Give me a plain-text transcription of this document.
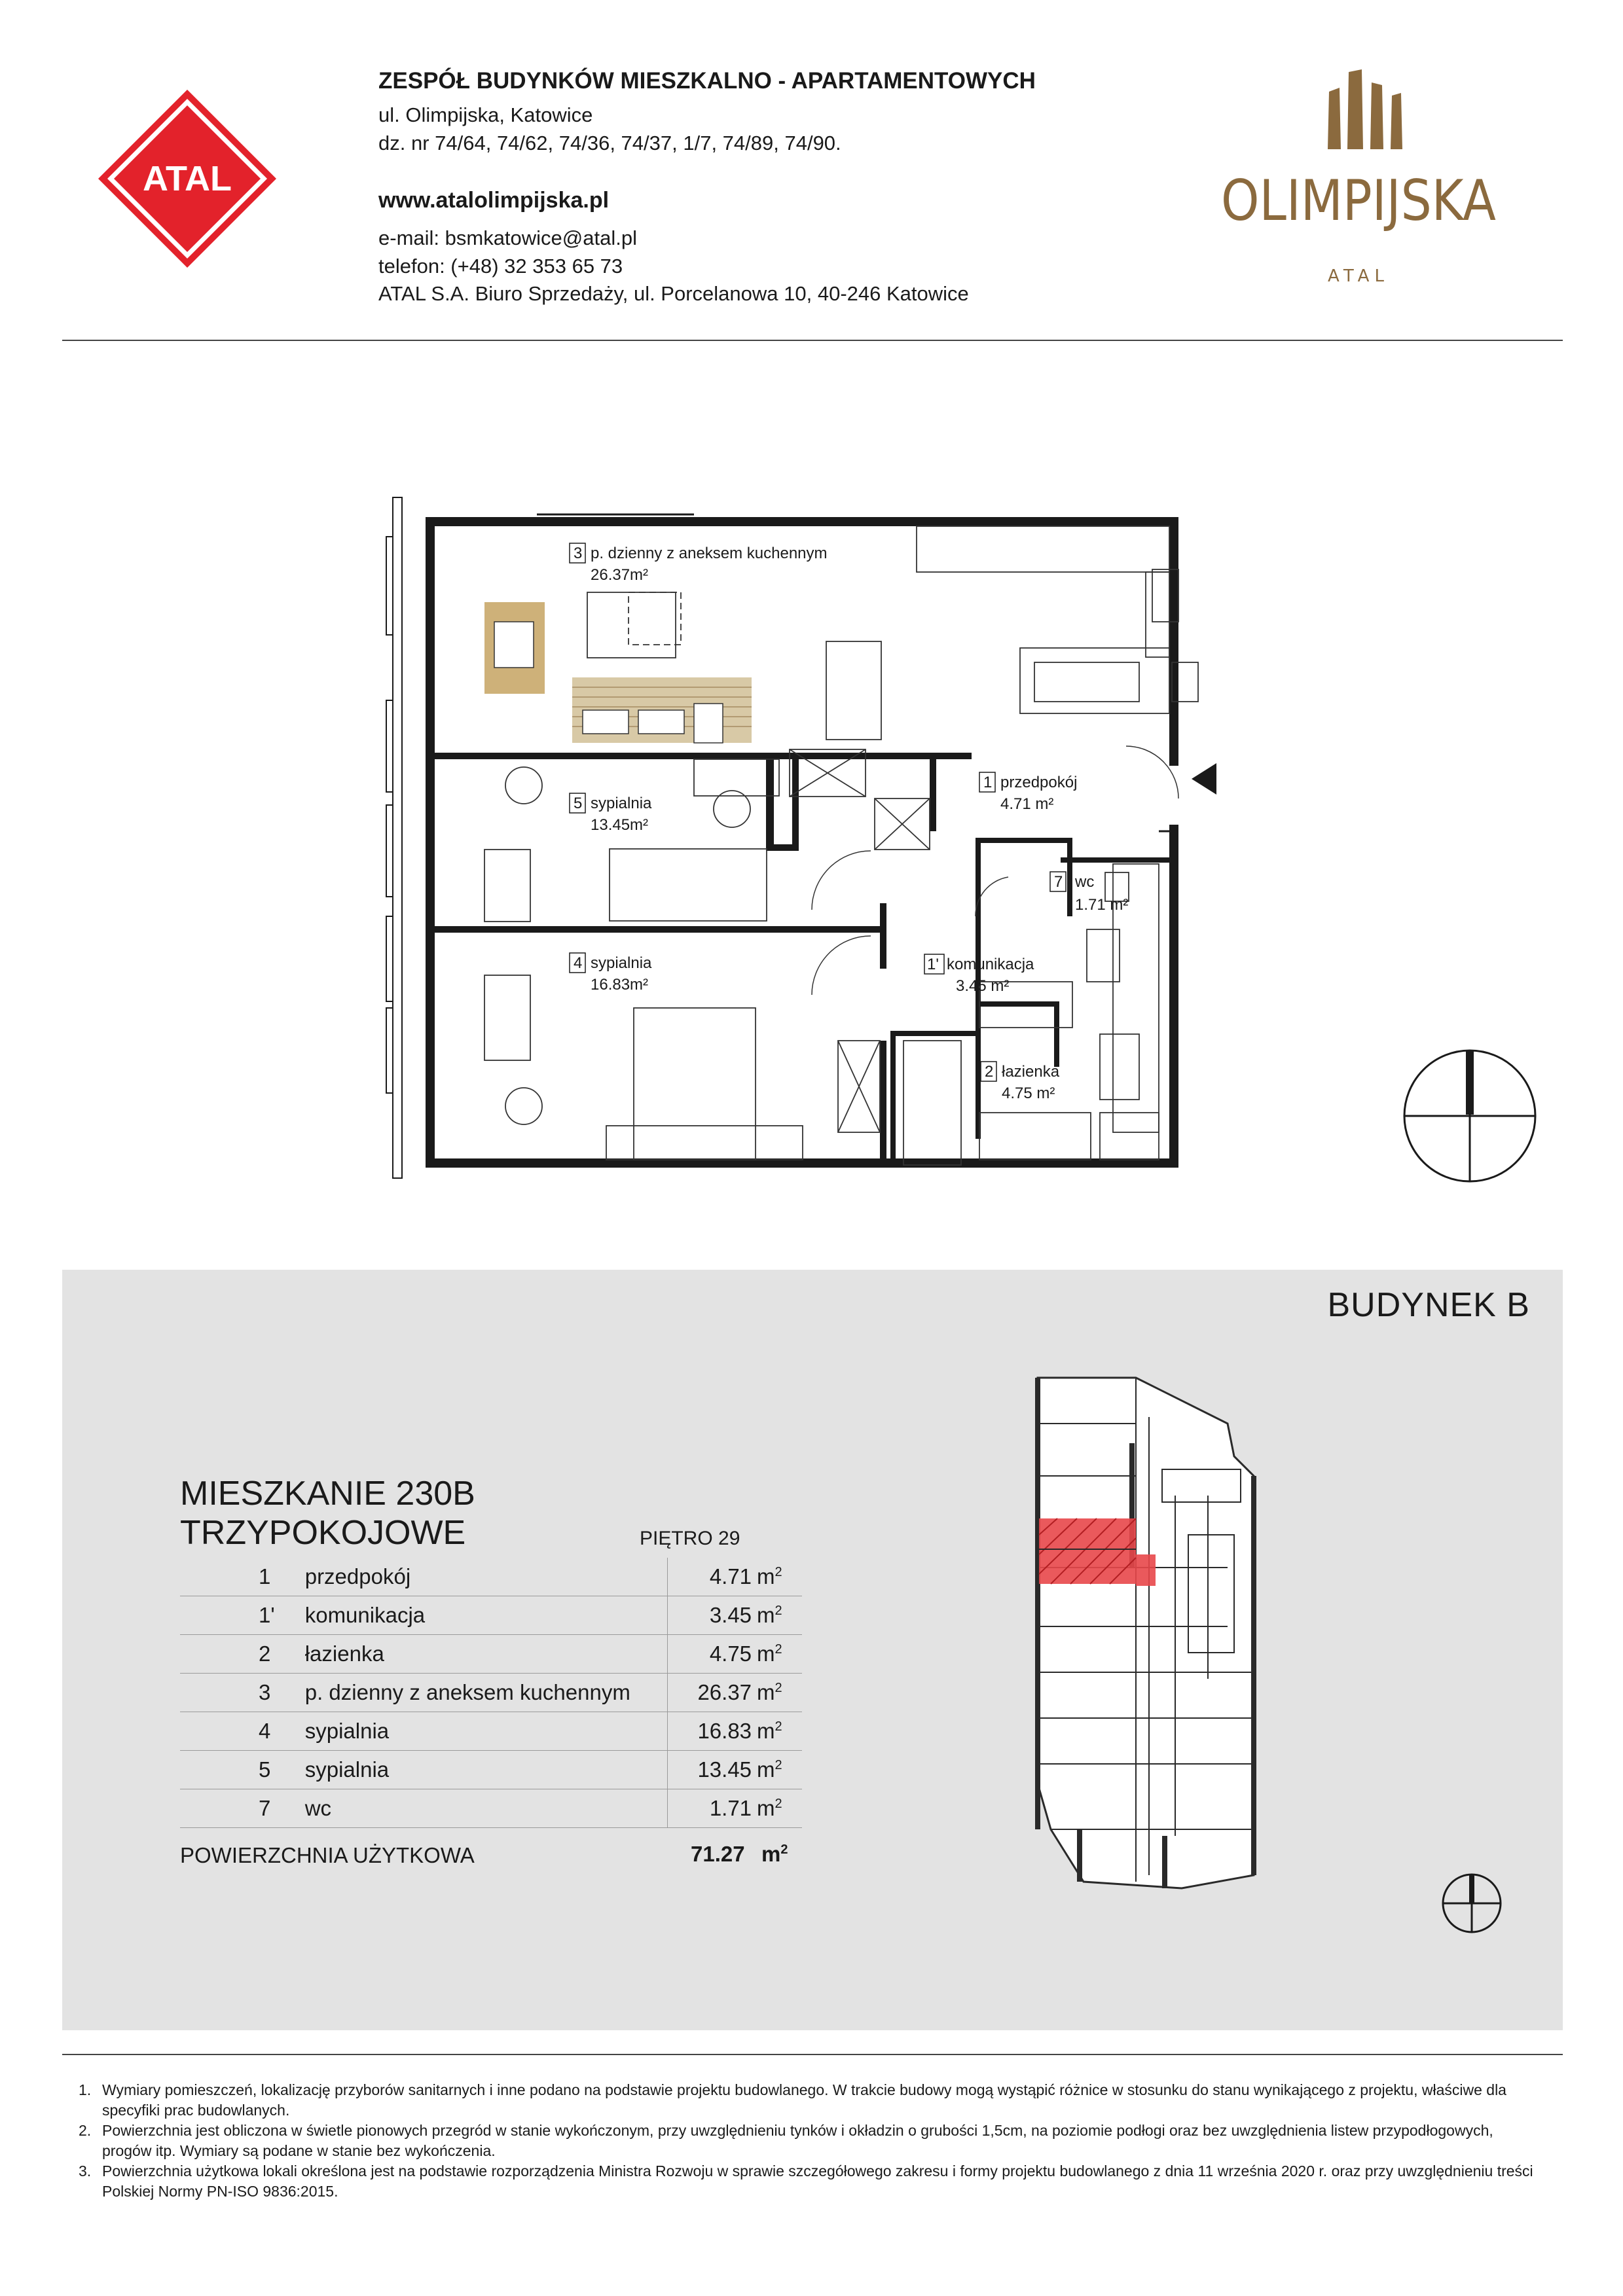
ATAL
ZESPÓŁ BUDYNKÓW MIESZKALNO - APARTAMENTOWYCH
ul. Olimpijska, Katowice
dz. nr 74/64, 74/62, 74/36, 74/37, 1/7, 74/89, 74/90.
www.atalolimpijska.pl
e-mail: bsmkatowice@atal.pl
telefon: (+48) 32 353 65 73
ATAL S.A. Biuro Sprzedaży, ul. Porcelanowa 10, 40-246 Katowice
OLIMPIJSKA
ATAL
3 p. dzienny z aneksem kuchennym
26.37m²
5 sypialnia
13.45m²
4 sypialnia
16.83m²
1 przedpokój
4.71 m²
7 wc
1.71 m²
1' komunikacja
3.45 m²
2 łazienka
4.75 m²
BUDYNEK B
MIESZKANIE 230B
TRZYPOKOJOWE	PIĘTRO 29
1	przedpokój	4.71	$m^2$
1'	komunikacja	3.45	$m^2$
2	łazienka	4.75	$m^2$
3	p. dzienny z aneksem kuchennym	26.37	$m^2$
4	sypialnia	16.83	$m^2$
5	sypialnia	13.45	$m^2$
7	wc	1.71	$m^2$
POWIERZCHNIA UŻYTKOWA	71.27 $m^2$
1. Wymiary pomieszczeń, lokalizację przyborów sanitarnych i inne podano na podstawie projektu budowlanego. W trakcie budowy mogą wystąpić różnice w stosunku do stanu wynikającego z projektu, właściwe dla specyfiki prac budowlanych.
2. Powierzchnia jest obliczona w świetle pionowych przegród w stanie wykończonym, przy uwzględnieniu tynków i okładzin o grubości 1,5cm, na poziomie podłogi oraz bez uwzględnienia listew przypodłogowych, progów itp. Wymiary są podane w stanie bez wykończenia.
3. Powierzchnia użytkowa lokali określona jest na podstawie rozporządzenia Ministra Rozwoju w sprawie szczegółowego zakresu i formy projektu budowlanego z dnia 11 września 2020 r. oraz przy uwzględnieniu treści Polskiej Normy PN-ISO 9836:2015.
